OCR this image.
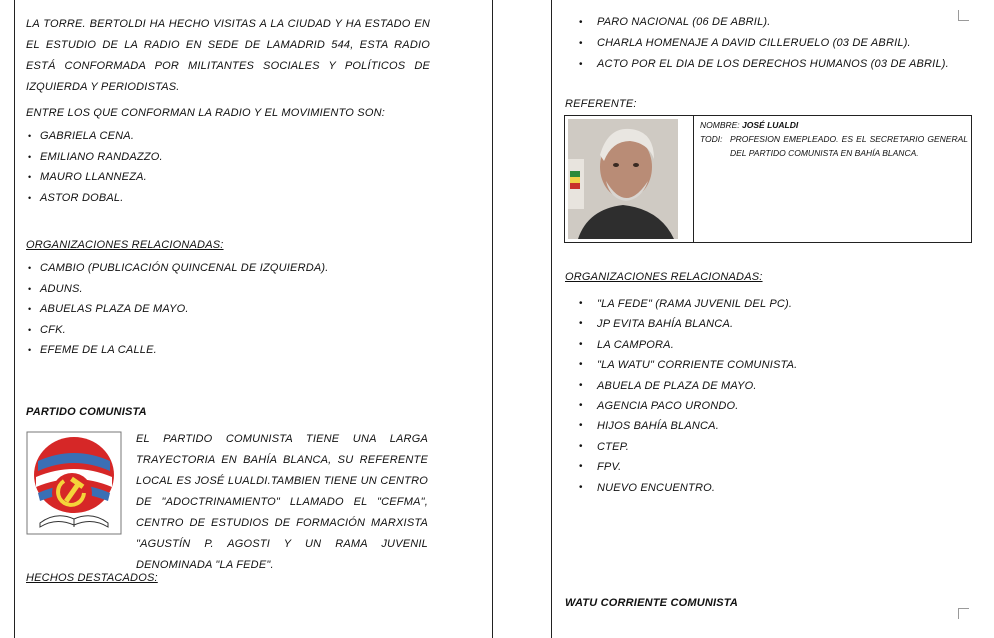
LA TORRE. BERTOLDI HA HECHO VISITAS A LA CIUDAD Y HA ESTADO EN EL ESTUDIO DE LA RADIO EN SEDE DE LAMADRID 544, ESTA RADIO ESTÁ CONFORMADA POR MILITANTES SOCIALES Y POLÍTICOS DE IZQUIERDA Y PERIODISTAS.

ENTRE LOS QUE CONFORMAN LA RADIO Y EL MOVIMIENTO SON:
• GABRIELA CENA.
• EMILIANO RANDAZZO.
• MAURO LLANNEZA.
• ASTOR DOBAL.
ORGANIZACIONES RELACIONADAS:
• CAMBIO (PUBLICACIÓN QUINCENAL DE IZQUIERDA).
• ADUNS.
• ABUELAS PLAZA DE MAYO.
• CFK.
• EFEME DE LA CALLE.
PARTIDO COMUNISTA

EL PARTIDO COMUNISTA TIENE UNA LARGA TRAYECTORIA EN BAHÍA BLANCA, SU REFERENTE LOCAL ES JOSÉ LUALDI.TAMBIEN TIENE UN CENTRO DE "ADOCTRINAMIENTO" LLAMADO EL "CEFMA", CENTRO DE ESTUDIOS DE FORMACIÓN MARXISTA "AGUSTÍN P. AGOSTI Y UN RAMA JUVENIL DENOMINADA "LA FEDE".

HECHOS DESTACADOS:
• PARO NACIONAL (06 DE ABRIL).
• CHARLA HOMENAJE A DAVID CILLERUELO (03 DE ABRIL).
• ACTO POR EL DIA DE LOS DERECHOS HUMANOS (03 DE ABRIL).
REFERENTE:
NOMBRE: JOSÉ LUALDI
TODI: PROFESION EMEPLEADO. ES EL SECRETARIO GENERAL DEL PARTIDO COMUNISTA EN BAHÍA BLANCA.
ORGANIZACIONES RELACIONADAS:
• "LA FEDE" (RAMA JUVENIL DEL PC).
• JP EVITA BAHÍA BLANCA.
• LA CAMPORA.
• "LA WATU" CORRIENTE COMUNISTA.
• ABUELA DE PLAZA DE MAYO.
• AGENCIA PACO URONDO.
• HIJOS BAHÍA BLANCA.
• CTEP.
• FPV.
• NUEVO ENCUENTRO.
WATU CORRIENTE COMUNISTA
